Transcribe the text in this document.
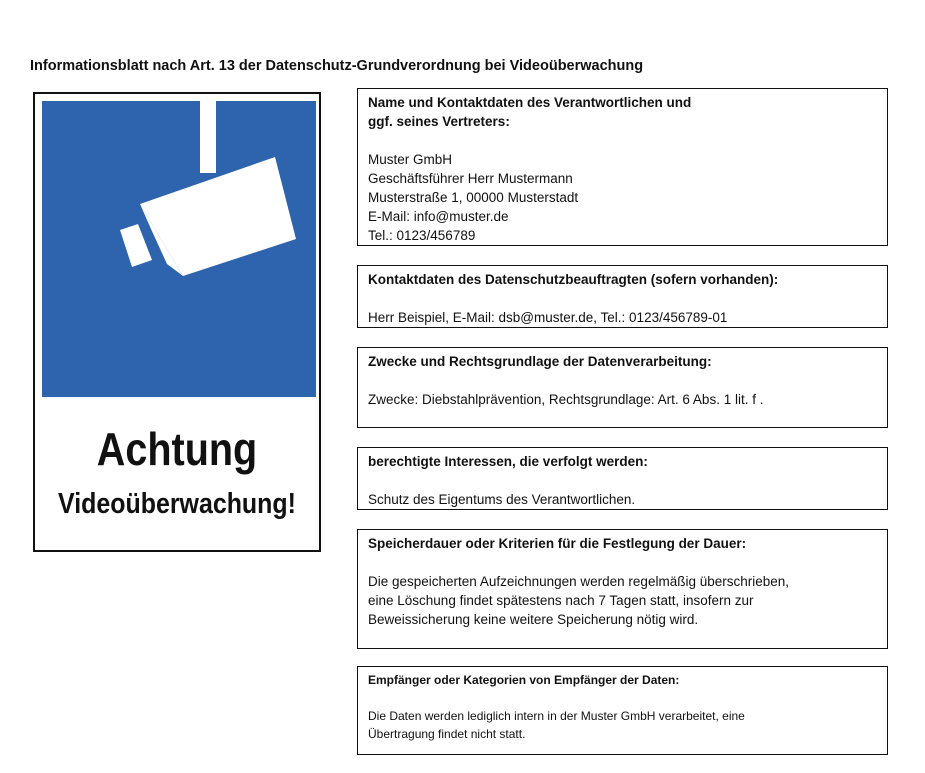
Informationsblatt nach Art. 13 der Datenschutz-Grundverordnung bei Videoüberwachung
Achtung
Videoüberwachung!
Name und Kontaktdaten des Verantwortlichen und
ggf. seines Vertreters:
Muster GmbH
Geschäftsführer Herr Mustermann
Musterstraße 1, 00000 Musterstadt
E-Mail: info@muster.de
Tel.: 0123/456789
Kontaktdaten des Datenschutzbeauftragten (sofern vorhanden):
Herr Beispiel, E-Mail: dsb@muster.de, Tel.: 0123/456789-01
Zwecke und Rechtsgrundlage der Datenverarbeitung:
Zwecke: Diebstahlprävention, Rechtsgrundlage: Art. 6 Abs. 1 lit. f .
berechtigte Interessen, die verfolgt werden:
Schutz des Eigentums des Verantwortlichen.
Speicherdauer oder Kriterien für die Festlegung der Dauer:
Die gespeicherten Aufzeichnungen werden regelmäßig überschrieben,
eine Löschung findet spätestens nach 7 Tagen statt, insofern zur
Beweissicherung keine weitere Speicherung nötig wird.
Empfänger oder Kategorien von Empfänger der Daten:
Die Daten werden lediglich intern in der Muster GmbH verarbeitet, eine
Übertragung findet nicht statt.
